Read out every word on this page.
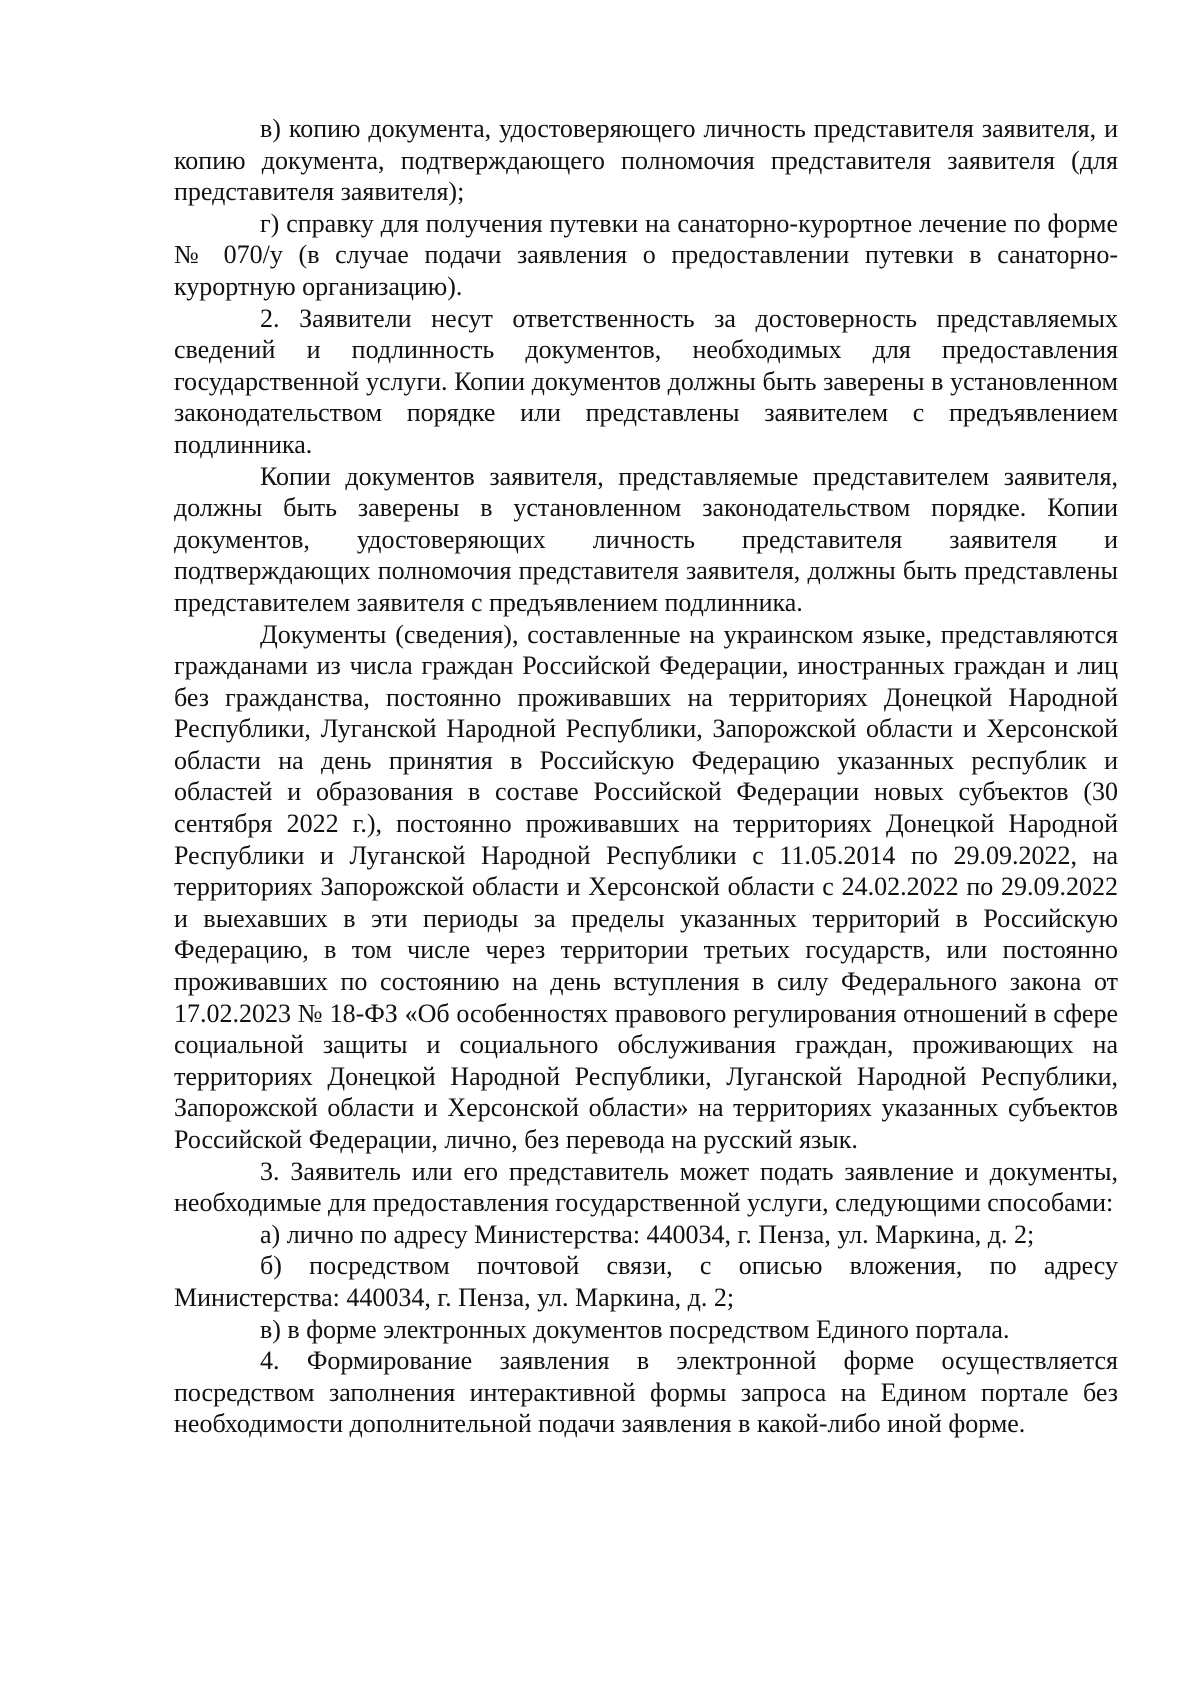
в) копию документа, удостоверяющего личность представителя заявителя, и копию документа, подтверждающего полномочия представителя заявителя (для представителя заявителя);

г) справку для получения путевки на санаторно-курортное лечение по форме № 070/у (в случае подачи заявления о предоставлении путевки в санаторно-курортную организацию).

2. Заявители несут ответственность за достоверность представляемых сведений и подлинность документов, необходимых для предоставления государственной услуги. Копии документов должны быть заверены в установленном законодательством порядке или представлены заявителем с предъявлением подлинника.

Копии документов заявителя, представляемые представителем заявителя, должны быть заверены в установленном законодательством порядке. Копии документов, удостоверяющих личность представителя заявителя и подтверждающих полномочия представителя заявителя, должны быть представлены представителем заявителя с предъявлением подлинника.

Документы (сведения), составленные на украинском языке, представляются гражданами из числа граждан Российской Федерации, иностранных граждан и лиц без гражданства, постоянно проживавших на территориях Донецкой Народной Республики, Луганской Народной Республики, Запорожской области и Херсонской области на день принятия в Российскую Федерацию указанных республик и областей и образования в составе Российской Федерации новых субъектов (30 сентября 2022 г.), постоянно проживавших на территориях Донецкой Народной Республики и Луганской Народной Республики с 11.05.2014 по 29.09.2022, на территориях Запорожской области и Херсонской области с 24.02.2022 по 29.09.2022 и выехавших в эти периоды за пределы указанных территорий в Российскую Федерацию, в том числе через территории третьих государств, или постоянно проживавших по состоянию на день вступления в силу Федерального закона от 17.02.2023 № 18-ФЗ «Об особенностях правового регулирования отношений в сфере социальной защиты и социального обслуживания граждан, проживающих на территориях Донецкой Народной Республики, Луганской Народной Республики, Запорожской области и Херсонской области» на территориях указанных субъектов Российской Федерации, лично, без перевода на русский язык.

3. Заявитель или его представитель может подать заявление и документы, необходимые для предоставления государственной услуги, следующими способами:

а) лично по адресу Министерства: 440034, г. Пенза, ул. Маркина, д. 2;

б) посредством почтовой связи, с описью вложения, по адресу Министерства: 440034, г. Пенза, ул. Маркина, д. 2;

в) в форме электронных документов посредством Единого портала.

4. Формирование заявления в электронной форме осуществляется посредством заполнения интерактивной формы запроса на Едином портале без необходимости дополнительной подачи заявления в какой-либо иной форме.
